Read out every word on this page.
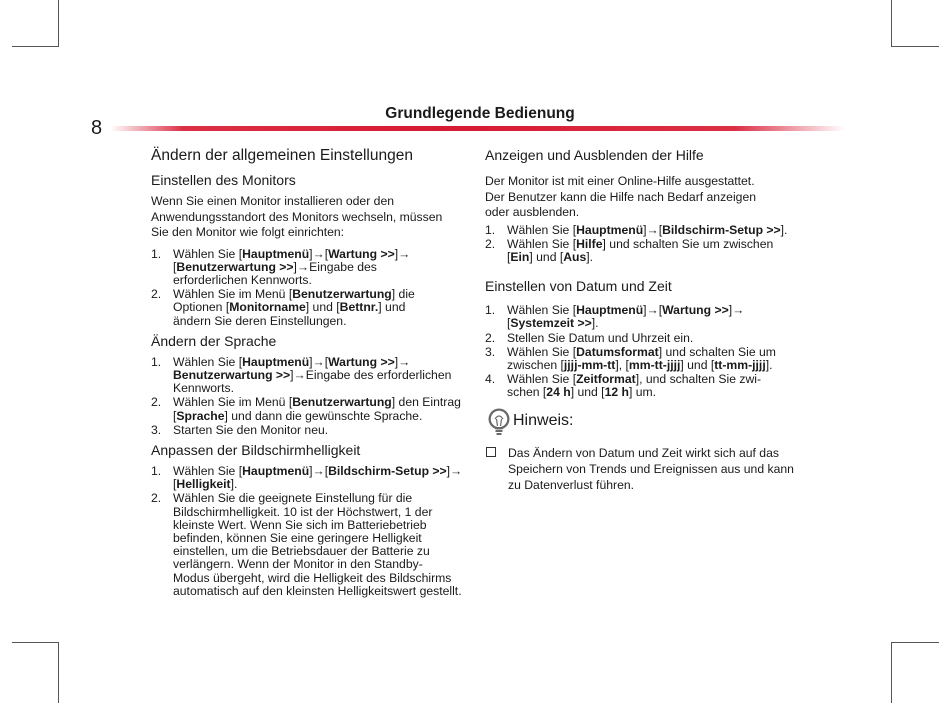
8
Grundlegende Bedienung
Ändern der allgemeinen Einstellungen
Einstellen des Monitors
Wenn Sie einen Monitor installieren oder den
Anwendungsstandort des Monitors wechseln, müssen
Sie den Monitor wie folgt einrichten:
1. Wählen Sie [Hauptmenü]→[Wartung >>]→
[Benutzerwartung >>]→Eingabe des
erforderlichen Kennworts.
2. Wählen Sie im Menü [Benutzerwartung] die
Optionen [Monitorname] und [Bettnr.] und
ändern Sie deren Einstellungen.
Ändern der Sprache
1. Wählen Sie [Hauptmenü]→[Wartung >>]→
Benutzerwartung >>]→Eingabe des erforderlichen
Kennworts.
2. Wählen Sie im Menü [Benutzerwartung] den Eintrag
[Sprache] und dann die gewünschte Sprache.
3. Starten Sie den Monitor neu.
Anpassen der Bildschirmhelligkeit
1. Wählen Sie [Hauptmenü]→[Bildschirm-Setup >>]→
[Helligkeit].
2. Wählen Sie die geeignete Einstellung für die
Bildschirmhelligkeit. 10 ist der Höchstwert, 1 der
kleinste Wert. Wenn Sie sich im Batteriebetrieb
befinden, können Sie eine geringere Helligkeit
einstellen, um die Betriebsdauer der Batterie zu
verlängern. Wenn der Monitor in den Standby-
Modus übergeht, wird die Helligkeit des Bildschirms
automatisch auf den kleinsten Helligkeitswert gestellt.
Anzeigen und Ausblenden der Hilfe
Der Monitor ist mit einer Online-Hilfe ausgestattet.
Der Benutzer kann die Hilfe nach Bedarf anzeigen
oder ausblenden.
1. Wählen Sie [Hauptmenü]→[Bildschirm-Setup >>].
2. Wählen Sie [Hilfe] und schalten Sie um zwischen
[Ein] und [Aus].
Einstellen von Datum und Zeit
1. Wählen Sie [Hauptmenü]→[Wartung >>]→
[Systemzeit >>].
2. Stellen Sie Datum und Uhrzeit ein.
3. Wählen Sie [Datumsformat] und schalten Sie um
zwischen [jjjj-mm-tt], [mm-tt-jjjj] und [tt-mm-jjjj].
4. Wählen Sie [Zeitformat], und schalten Sie zwi-
schen [24 h] und [12 h] um.
Hinweis:
Das Ändern von Datum und Zeit wirkt sich auf das
Speichern von Trends und Ereignissen aus und kann
zu Datenverlust führen.
